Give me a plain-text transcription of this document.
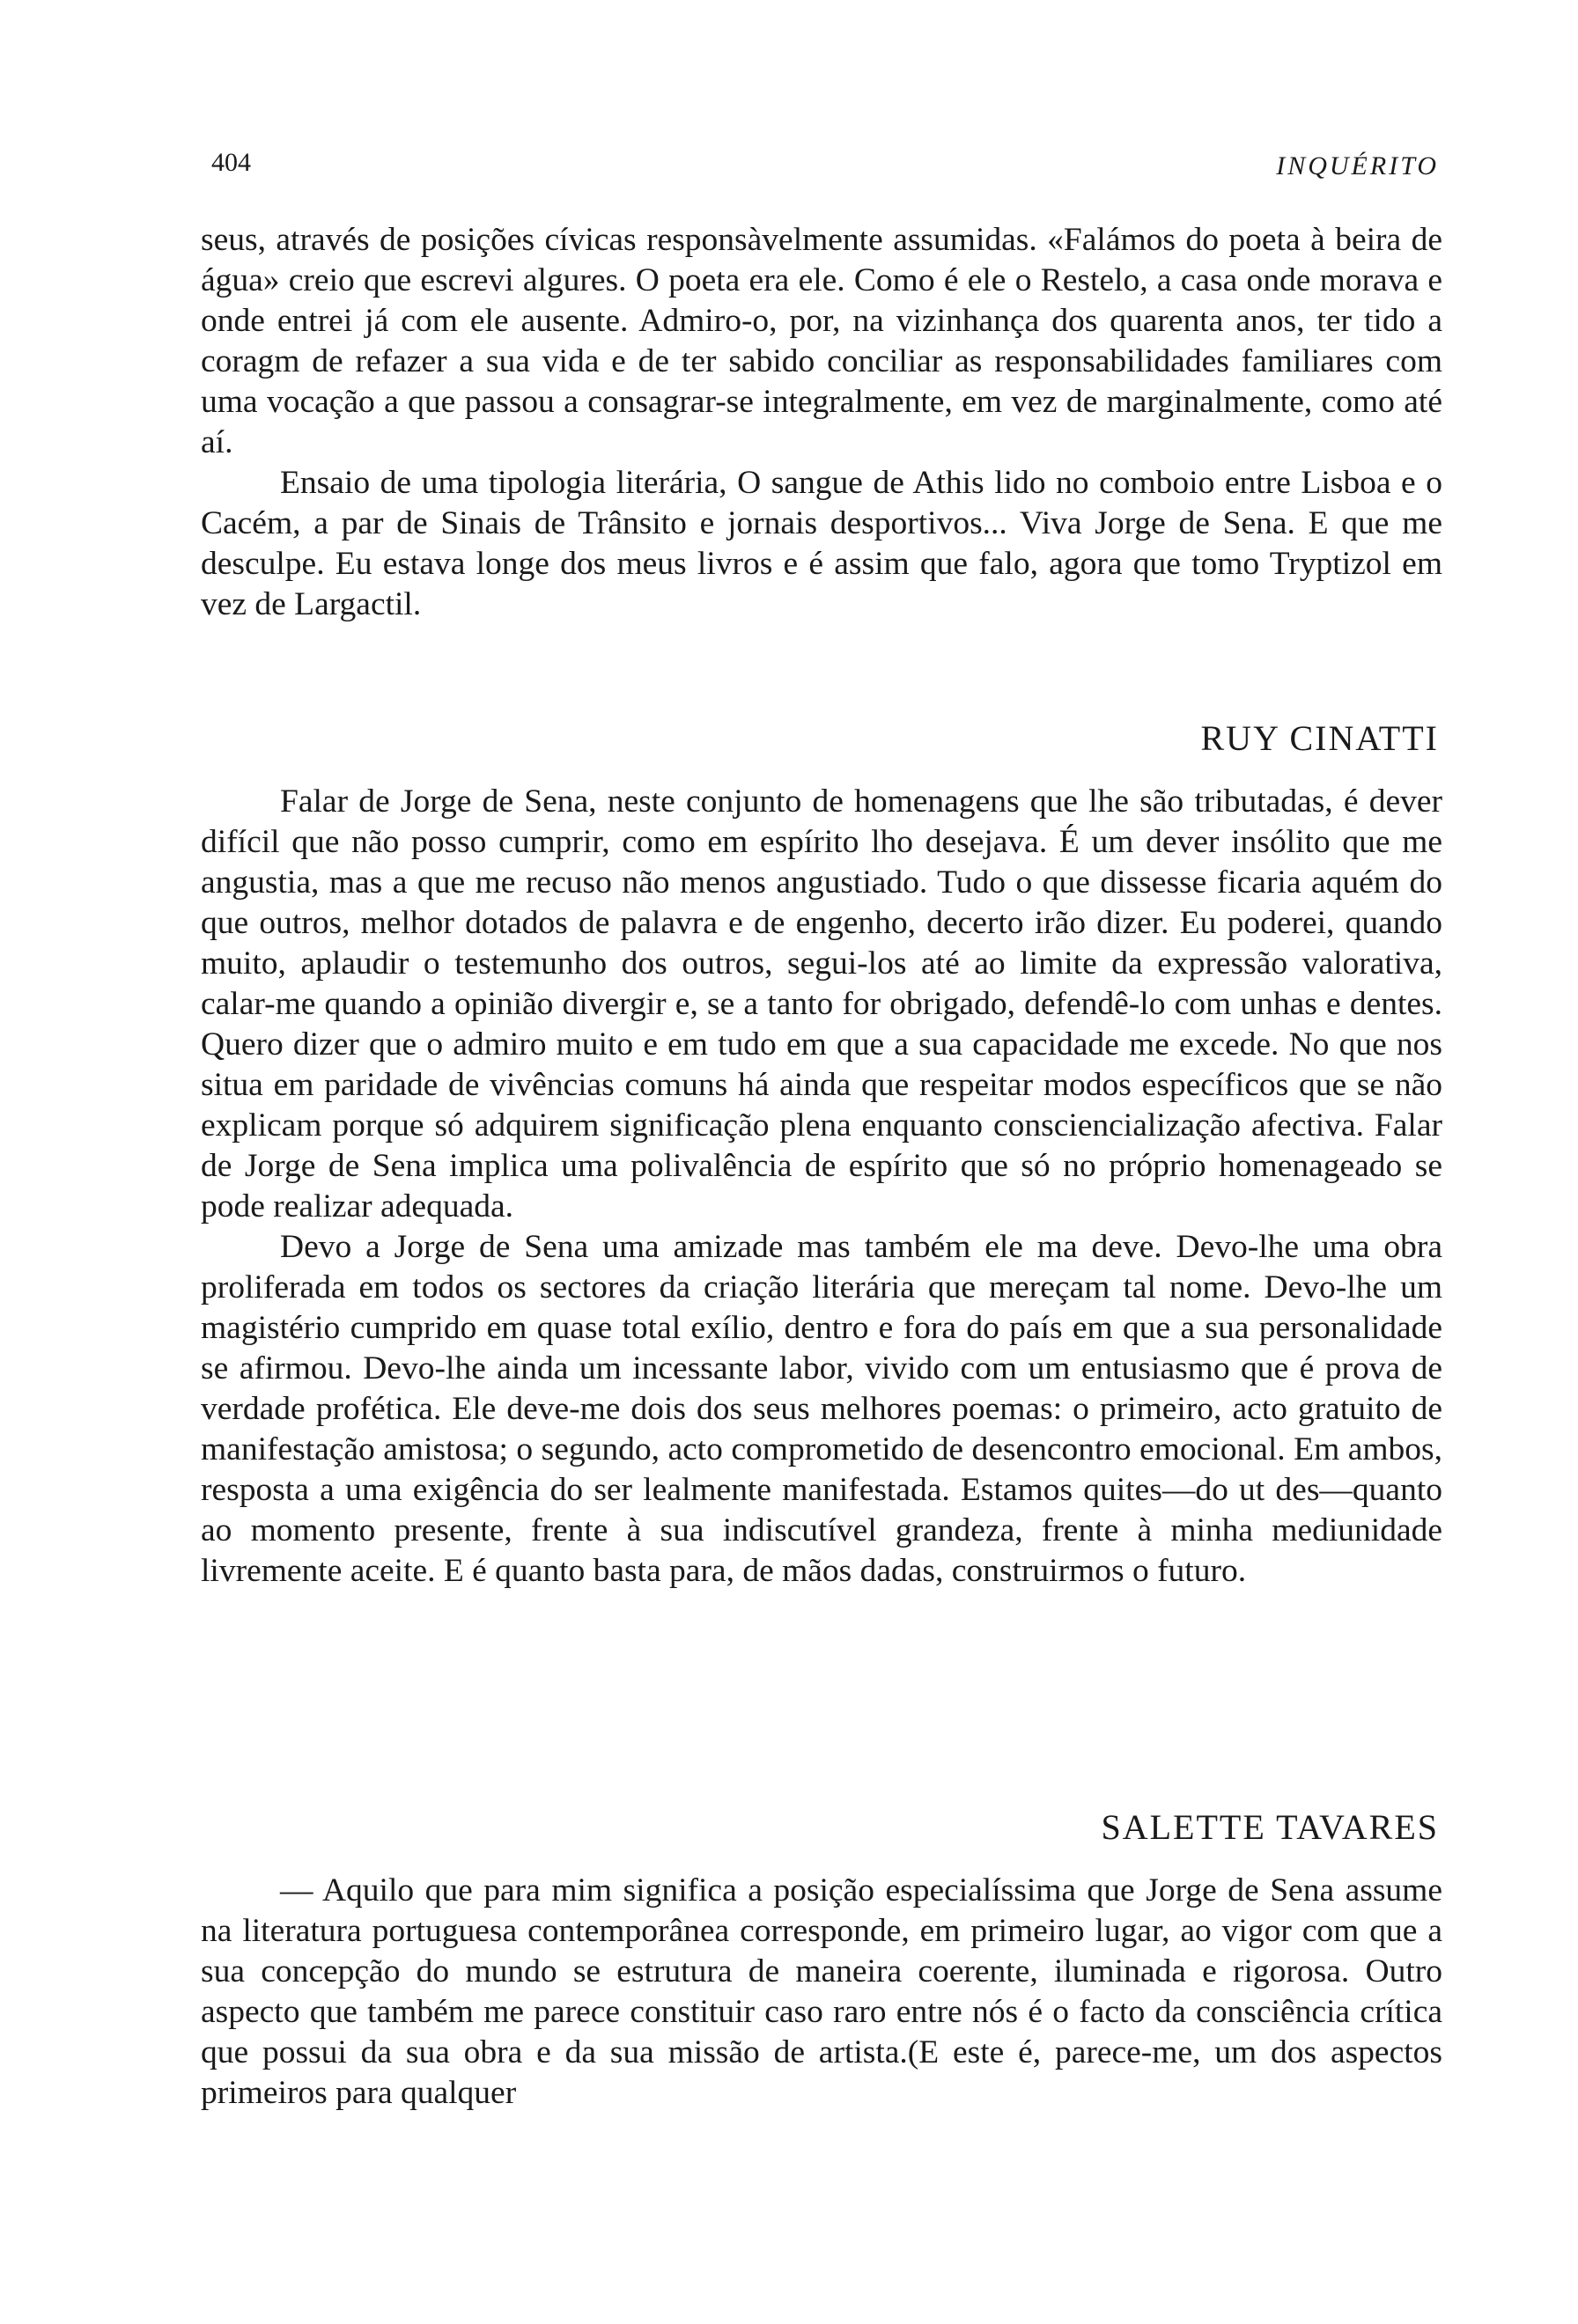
404	INQUÉRITO

seus, através de posições cívicas responsàvelmente assumidas. «Falámos do poeta à beira de água» creio que escrevi algures. O poeta era ele. Como é ele o Restelo, a casa onde morava e onde entrei já com ele ausente. Admiro-o, por, na vizinhança dos quarenta anos, ter tido a coragm de refazer a sua vida e de ter sabido conciliar as responsabilidades familiares com uma vocação a que passou a consagrar-se integralmente, em vez de marginalmente, como até aí.

Ensaio de uma tipologia literária, O sangue de Athis lido no comboio entre Lisboa e o Cacém, a par de Sinais de Trânsito e jornais desportivos... Viva Jorge de Sena. E que me desculpe. Eu estava longe dos meus livros e é assim que falo, agora que tomo Tryptizol em vez de Largactil.

RUY CINATTI

Falar de Jorge de Sena, neste conjunto de homenagens que lhe são tributadas, é dever difícil que não posso cumprir, como em espírito lho desejava. É um dever insólito que me angustia, mas a que me recuso não menos angustiado. Tudo o que dissesse ficaria aquém do que outros, melhor dotados de palavra e de engenho, decerto irão dizer. Eu poderei, quando muito, aplaudir o testemunho dos outros, segui-los até ao limite da expressão valorativa, calar-me quando a opinião divergir e, se a tanto for obrigado, defendê-lo com unhas e dentes. Quero dizer que o admiro muito e em tudo em que a sua capacidade me excede. No que nos situa em paridade de vivências comuns há ainda que respeitar modos específicos que se não explicam porque só adquirem significação plena enquanto consciencialização afectiva. Falar de Jorge de Sena implica uma polivalência de espírito que só no próprio homenageado se pode realizar adequada.

Devo a Jorge de Sena uma amizade mas também ele ma deve. Devo-lhe uma obra proliferada em todos os sectores da criação literária que mereçam tal nome. Devo-lhe um magistério cumprido em quase total exílio, dentro e fora do país em que a sua personalidade se afirmou. Devo-lhe ainda um incessante labor, vivido com um entusiasmo que é prova de verdade profética. Ele deve-me dois dos seus melhores poemas: o primeiro, acto gratuito de manifestação amistosa; o segundo, acto comprometido de desencontro emocional. Em ambos, resposta a uma exigência do ser lealmente manifestada. Estamos quites—do ut des—quanto ao momento presente, frente à sua indiscutível grandeza, frente à minha mediunidade livremente aceite. E é quanto basta para, de mãos dadas, construirmos o futuro.

SALETTE TAVARES

— Aquilo que para mim significa a posição especialíssima que Jorge de Sena assume na literatura portuguesa contemporânea corresponde, em primeiro lugar, ao vigor com que a sua concepção do mundo se estrutura de maneira coerente, iluminada e rigorosa. Outro aspecto que também me parece constituir caso raro entre nós é o facto da consciência crítica que possui da sua obra e da sua missão de artista.(E este é, parece-me, um dos aspectos primeiros para qualquer
